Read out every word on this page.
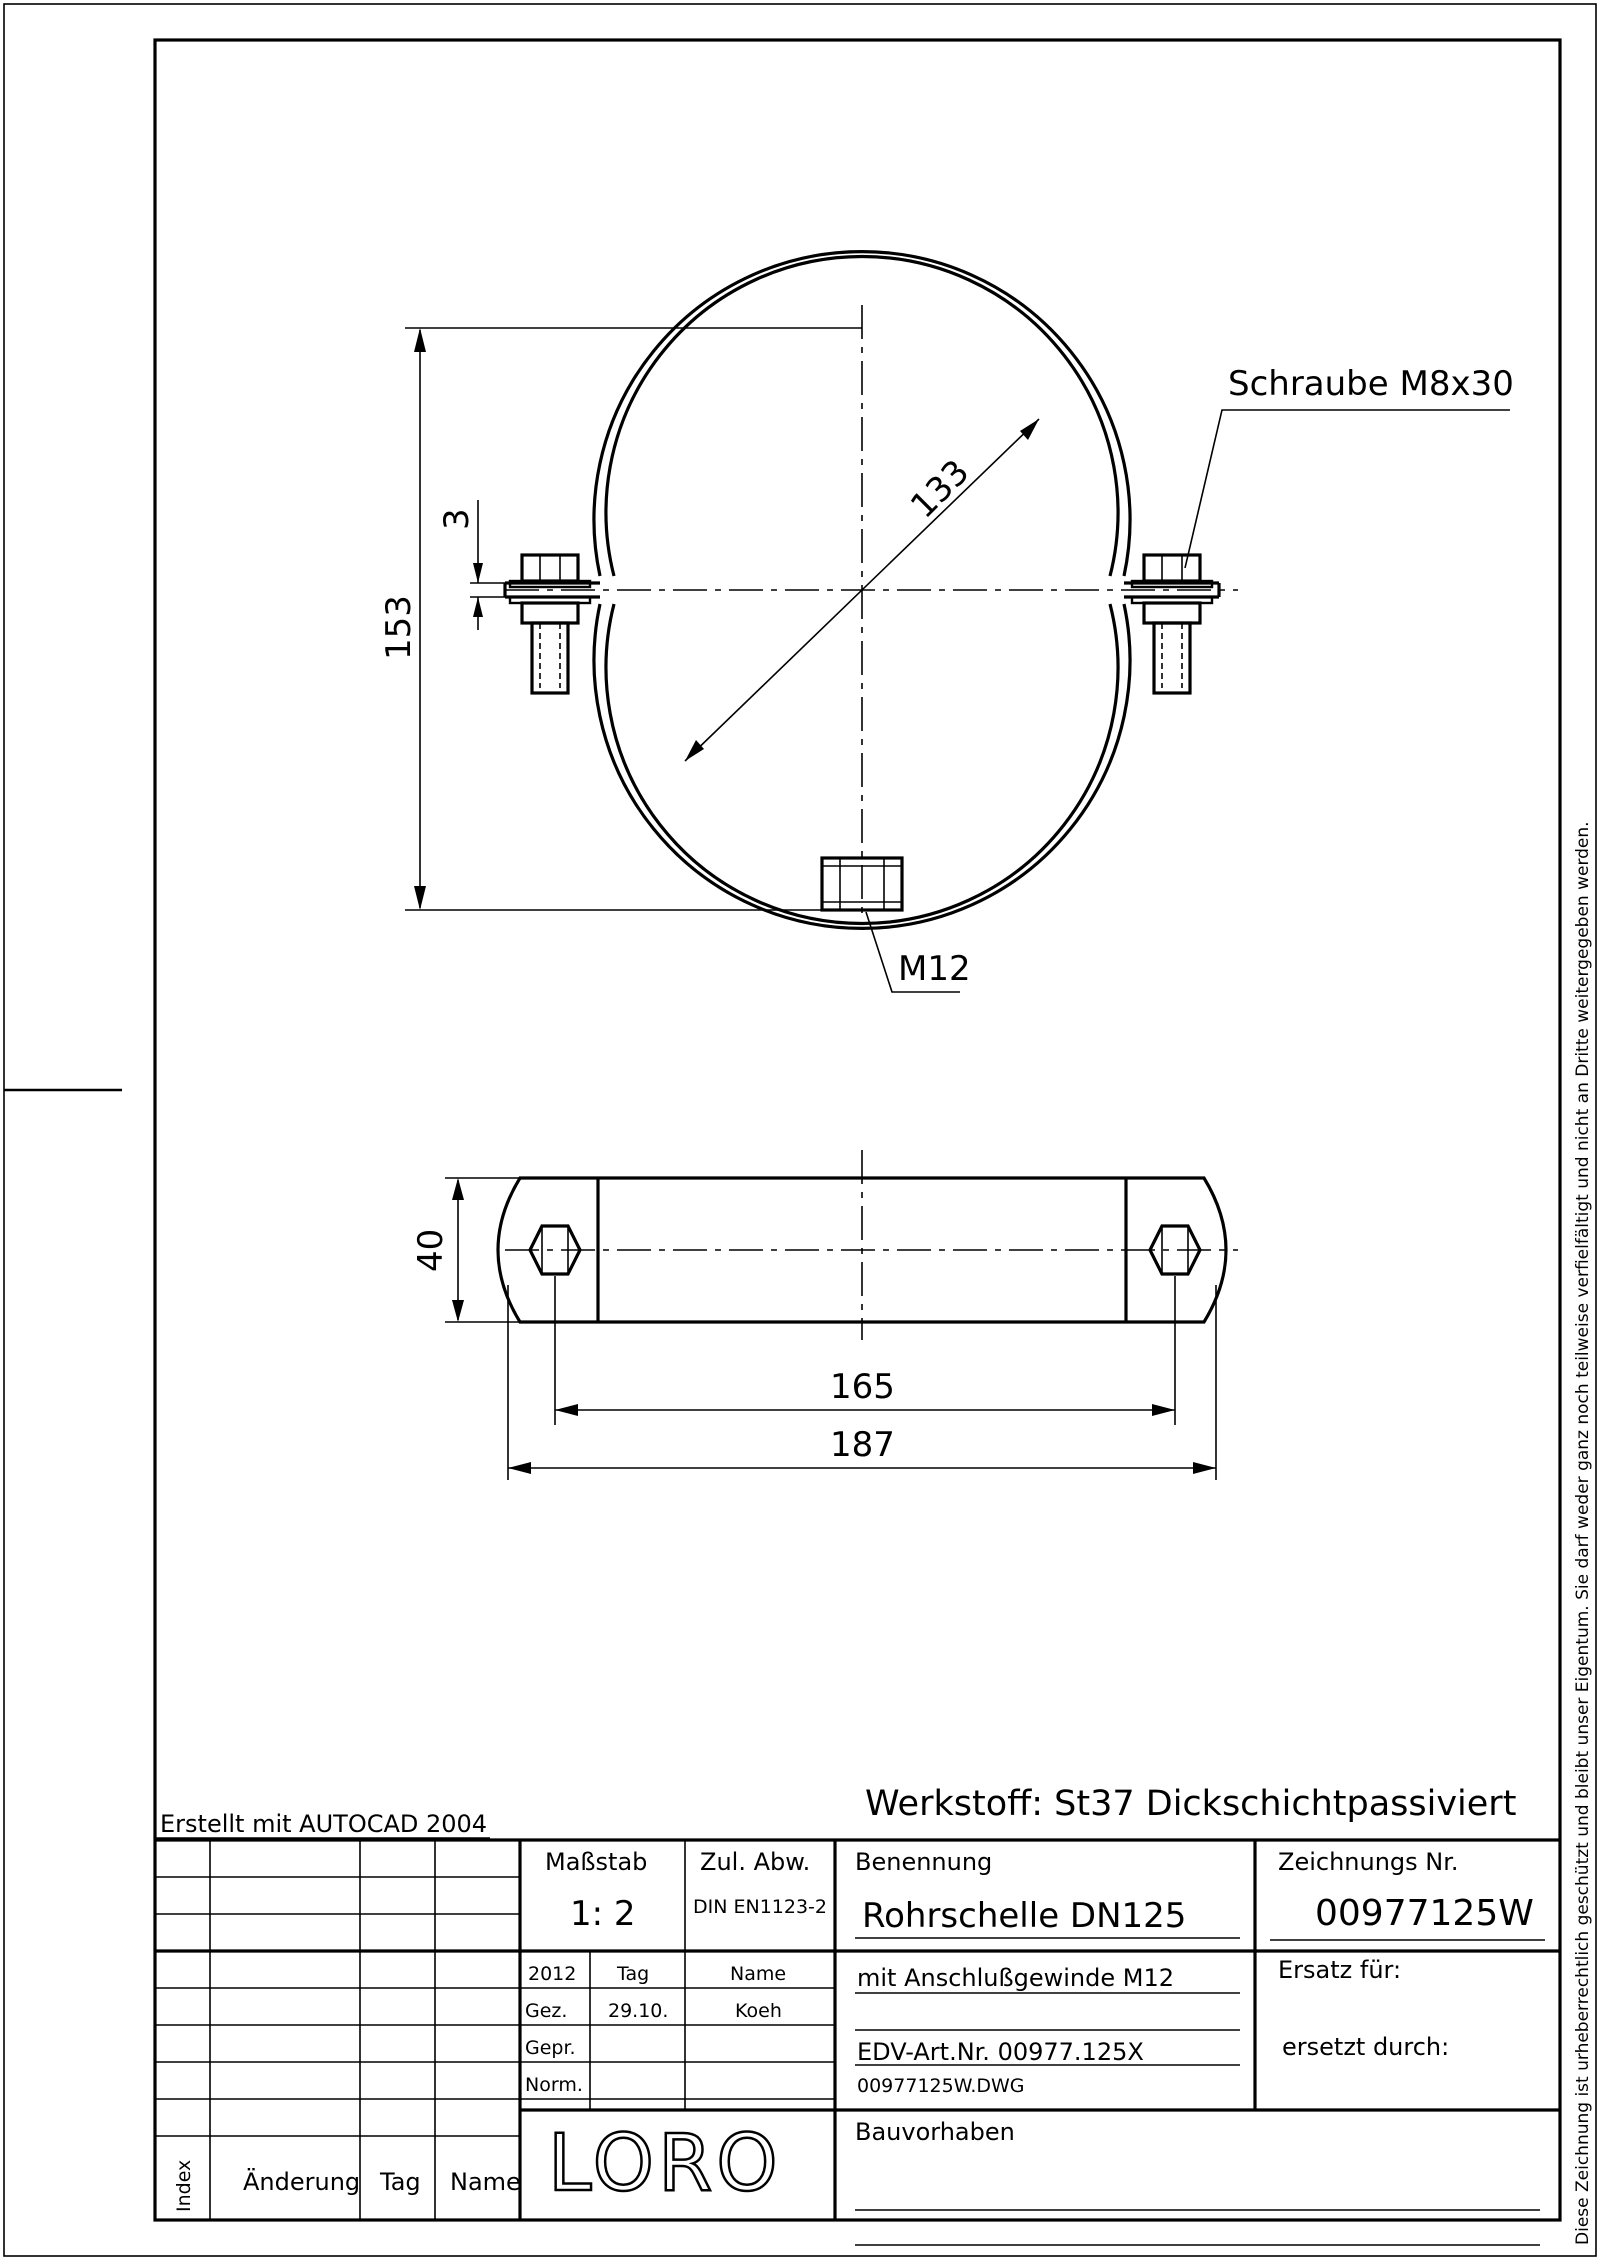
Diese Zeichnung ist urheberrechtlich geschützt und bleibt unser Eigentum. Sie darf weder ganz noch teilweise verfielfältigt und nicht an Dritte weitergegeben werden.
153
3	133
Schraube M8x30
M12
40
165
187
Erstellt mit AUTOCAD 2004	Werkstoff: St37 Dickschichtpassiviert
Index Änderung Tag Name
Maßstab
1: 2
Zul. Abw.
DIN EN1123-2
2012 Tag	Name
Gez. 29.10.	Koeh
Gepr.
Norm.
LORO
Benennung
Rohrschelle DN125
mit Anschlußgewinde M12
EDV-Art.Nr. 00977.125X
00977125W.DWG
Bauvorhaben
Zeichnungs Nr.
00977125W
Ersatz für:
ersetzt durch:
